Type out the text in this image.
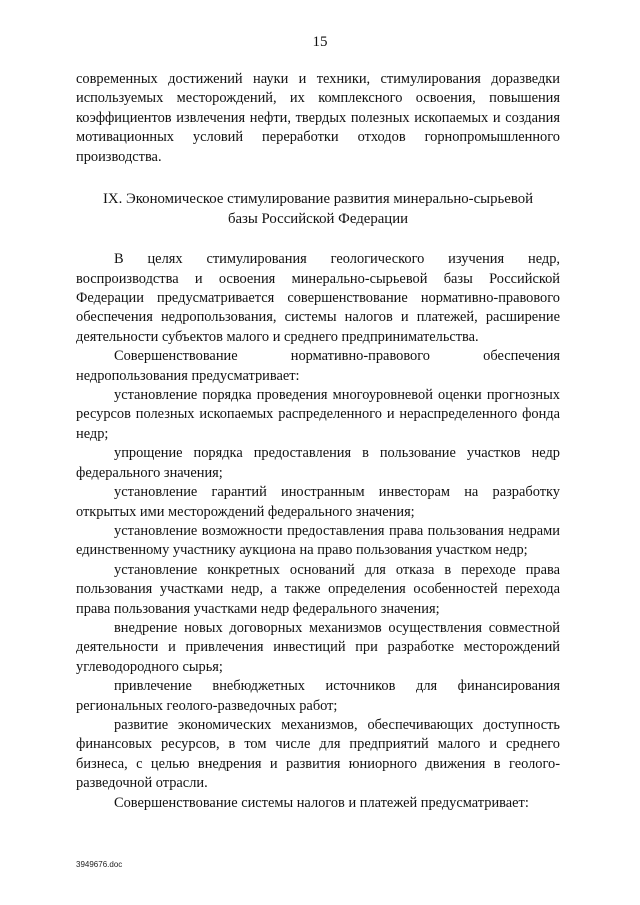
15

современных достижений науки и техники, стимулирования доразведки используемых месторождений, их комплексного освоения, повышения коэффициентов извлечения нефти, твердых полезных ископаемых и создания мотивационных условий переработки отходов горнопромышленного производства.

IX. Экономическое стимулирование развития минерально-сырьевой
базы Российской Федерации

В целях стимулирования геологического изучения недр, воспроизводства и освоения минерально-сырьевой базы Российской Федерации предусматривается совершенствование нормативно-правового обеспечения недропользования, системы налогов и платежей, расширение деятельности субъектов малого и среднего предпринимательства.

Совершенствование нормативно-правового обеспечения недропользования предусматривает:

установление порядка проведения многоуровневой оценки прогнозных ресурсов полезных ископаемых распределенного и нераспределенного фонда недр;

упрощение порядка предоставления в пользование участков недр федерального значения;

установление гарантий иностранным инвесторам на разработку открытых ими месторождений федерального значения;

установление возможности предоставления права пользования недрами единственному участнику аукциона на право пользования участком недр;

установление конкретных оснований для отказа в переходе права пользования участками недр, а также определения особенностей перехода права пользования участками недр федерального значения;

внедрение новых договорных механизмов осуществления совместной деятельности и привлечения инвестиций при разработке месторождений углеводородного сырья;

привлечение внебюджетных источников для финансирования региональных геолого-разведочных работ;

развитие экономических механизмов, обеспечивающих доступность финансовых ресурсов, в том числе для предприятий малого и среднего бизнеса, с целью внедрения и развития юниорного движения в геолого-разведочной отрасли.

Совершенствование системы налогов и платежей предусматривает:

3949676.doc
